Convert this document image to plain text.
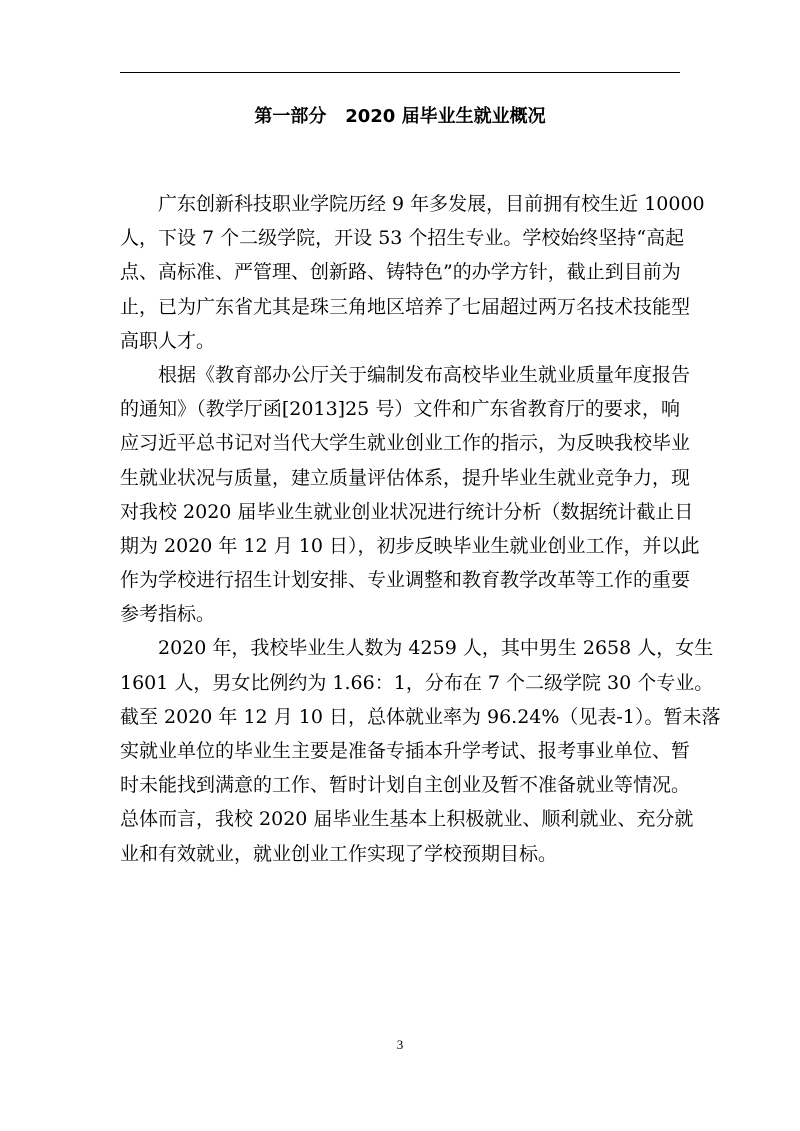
第一部分   2020 届毕业生就业概况
广东创新科技职业学院历经 9 年多发展，目前拥有校生近 10000
人，下设 7 个二级学院，开设 53 个招生专业。学校始终坚持“高起
点、高标准、严管理、创新路、铸特色”的办学方针，截止到目前为
止，已为广东省尤其是珠三角地区培养了七届超过两万名技术技能型
高职人才。
根据《教育部办公厅关于编制发布高校毕业生就业质量年度报告
的通知》（教学厅函[2013]25 号）文件和广东省教育厅的要求，响
应习近平总书记对当代大学生就业创业工作的指示，为反映我校毕业
生就业状况与质量，建立质量评估体系，提升毕业生就业竞争力，现
对我校 2020 届毕业生就业创业状况进行统计分析（数据统计截止日
期为 2020 年 12 月 10 日），初步反映毕业生就业创业工作，并以此
作为学校进行招生计划安排、专业调整和教育教学改革等工作的重要
参考指标。
2020 年，我校毕业生人数为 4259 人，其中男生 2658 人，女生
1601 人，男女比例约为 1.66：1，分布在 7 个二级学院 30 个专业。
截至 2020 年 12 月 10 日，总体就业率为 96.24%（见表-1）。暂未落
实就业单位的毕业生主要是准备专插本升学考试、报考事业单位、暂
时未能找到满意的工作、暂时计划自主创业及暂不准备就业等情况。
总体而言，我校 2020 届毕业生基本上积极就业、顺利就业、充分就
业和有效就业，就业创业工作实现了学校预期目标。
3
